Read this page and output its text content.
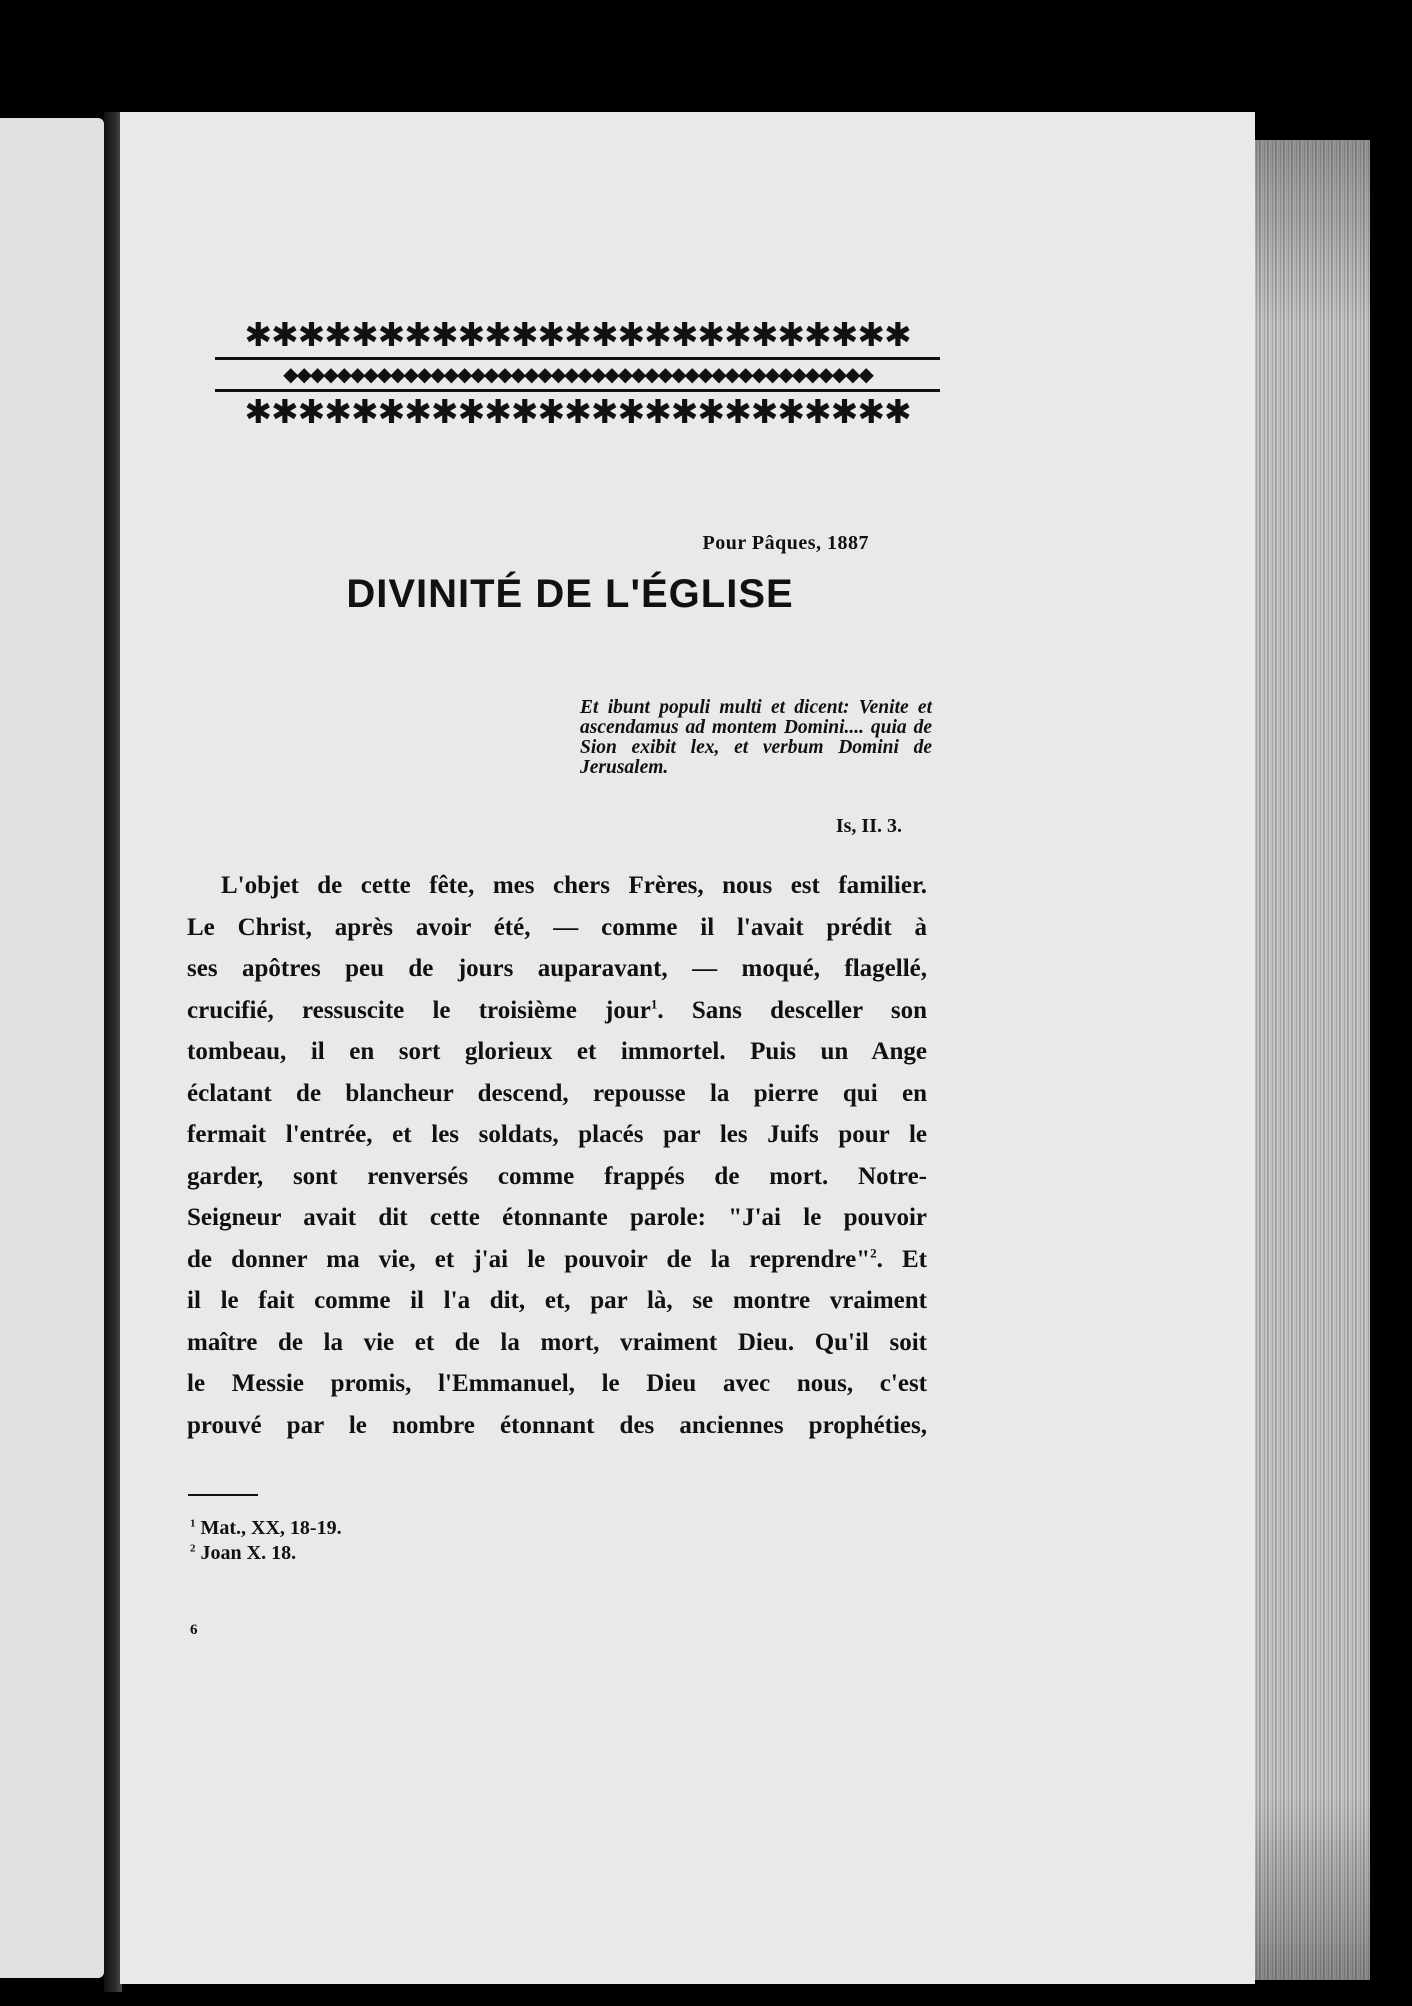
✱✱✱✱✱✱✱✱✱✱✱✱✱✱✱✱✱✱✱✱✱✱✱✱✱
◆◆◆◆◆◆◆◆◆◆◆◆◆◆◆◆◆◆◆◆◆◆◆◆◆◆◆◆◆◆◆◆◆◆◆◆◆◆◆◆◆◆◆◆
✱✱✱✱✱✱✱✱✱✱✱✱✱✱✱✱✱✱✱✱✱✱✱✱✱
Pour Pâques, 1887
DIVINITÉ DE L'ÉGLISE
Et ibunt populi multi et dicent: Venite et ascendamus ad montem Domini.... quia de Sion exibit lex, et verbum Domini de Jerusalem.
Is, II. 3.
L'objet de cette fête, mes chers Frères, nous est familier.
Le Christ, après avoir été, — comme il l'avait prédit à
ses apôtres peu de jours auparavant, — moqué, flagellé,
crucifié, ressuscite le troisième jour$^1$. Sans desceller son
tombeau, il en sort glorieux et immortel. Puis un Ange
éclatant de blancheur descend, repousse la pierre qui en
fermait l'entrée, et les soldats, placés par les Juifs pour le
garder, sont renversés comme frappés de mort. Notre-
Seigneur avait dit cette étonnante parole: "J'ai le pouvoir
de donner ma vie, et j'ai le pouvoir de la reprendre"$^2$. Et
il le fait comme il l'a dit, et, par là, se montre vraiment
maître de la vie et de la mort, vraiment Dieu. Qu'il soit
le Messie promis, l'Emmanuel, le Dieu avec nous, c'est
prouvé par le nombre étonnant des anciennes prophéties,
$^1$ Mat., XX, 18-19.
$^2$ Joan X. 18.
6
